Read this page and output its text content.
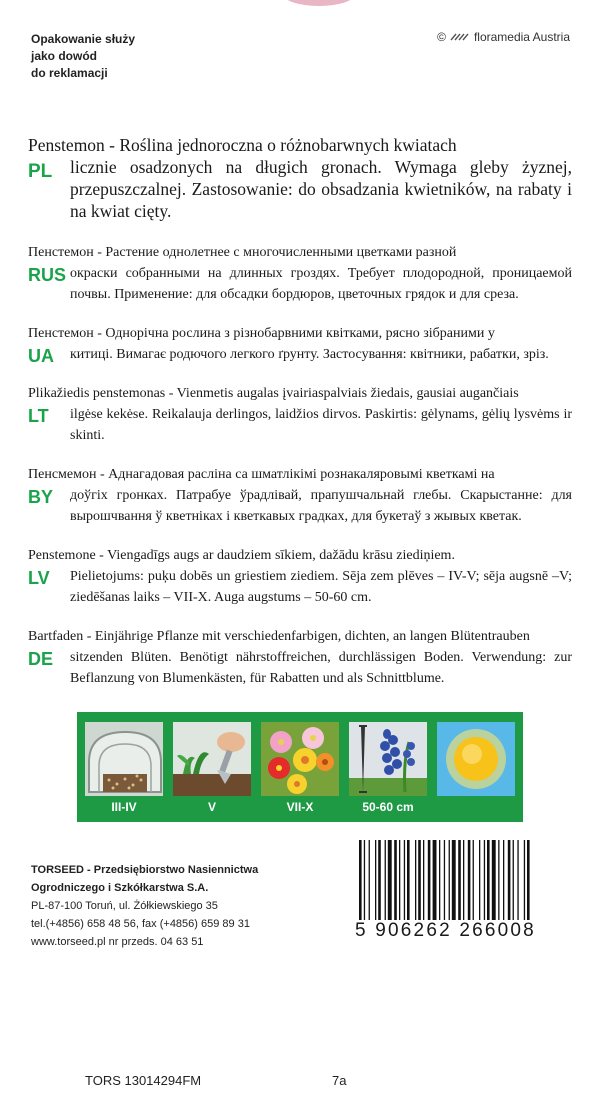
Opakowanie służy
jako dowód
do reklamacji
© floramedia Austria
PL
Penstemon - Roślina jednoroczna o różnobarwnych kwiatach
licznie osadzonych na długich gronach. Wymaga gleby żyznej, przepuszczalnej. Zastosowanie: do obsadzania kwietników, na rabaty i na kwiat cięty.
RUS
Пенстемон - Растение однолетнее с многочисленными цветками разной
окраски собранными на длинных гроздях. Требует плодородной, проницаемой почвы. Применение: для обсадки бордюров, цветочных грядок и для среза.
UA
Пенстемон - Однорічна рослина з різнобарвними квітками, рясно зібраними у
китиці. Вимагає родючого легкого ґрунту. Застосування: квітники, рабатки, зріз.
LT
Plikažiedis penstemonas - Vienmetis augalas įvairiaspalviais žiedais, gausiai augančiais
ilgėse kekėse. Reikalauja derlingos, laidžios dirvos. Paskirtis: gėlynams, gėlių lysvėms ir skinti.
BY
Пенсмемон - Аднагадовая расліна са шматлікімі рознакаляровымі кветкамі на
доўгіх гронках. Патрабуе ўрадлівай, прапушчальнай глебы. Скарыстанне: для вырошчвання ў кветніках і кветкавых градках, для букетаў з жывых кветак.
LV
Penstemone - Viengadīgs augs ar daudziem sīkiem, dažādu krāsu ziediņiem.
Pielietojums: puķu dobēs un griestiem ziediem. Sēja zem plēves – IV-V; sēja augsnē –V; ziedēšanas laiks – VII-X. Auga augstums – 50-60 cm.
DE
Bartfaden - Einjährige Pflanze mit verschiedenfarbigen, dichten, an langen Blütentrauben
sitzenden Blüten. Benötigt nährstoffreichen, durchlässigen Boden. Verwendung: zur Beflanzung von Blumenkästen, für Rabatten und als Schnittblume.
III-IV	V	VII-X	50-60 cm
TORSEED - Przedsiębiorstwo Nasiennictwa
Ogrodniczego i Szkółkarstwa S.A.
PL-87-100 Toruń, ul. Żółkiewskiego 35
tel.(+4856) 658 48 56, fax (+4856) 659 89 31
www.torseed.pl nr przeds. 04 63 51
5 906262 266008
TORS 13014294FM	7a
